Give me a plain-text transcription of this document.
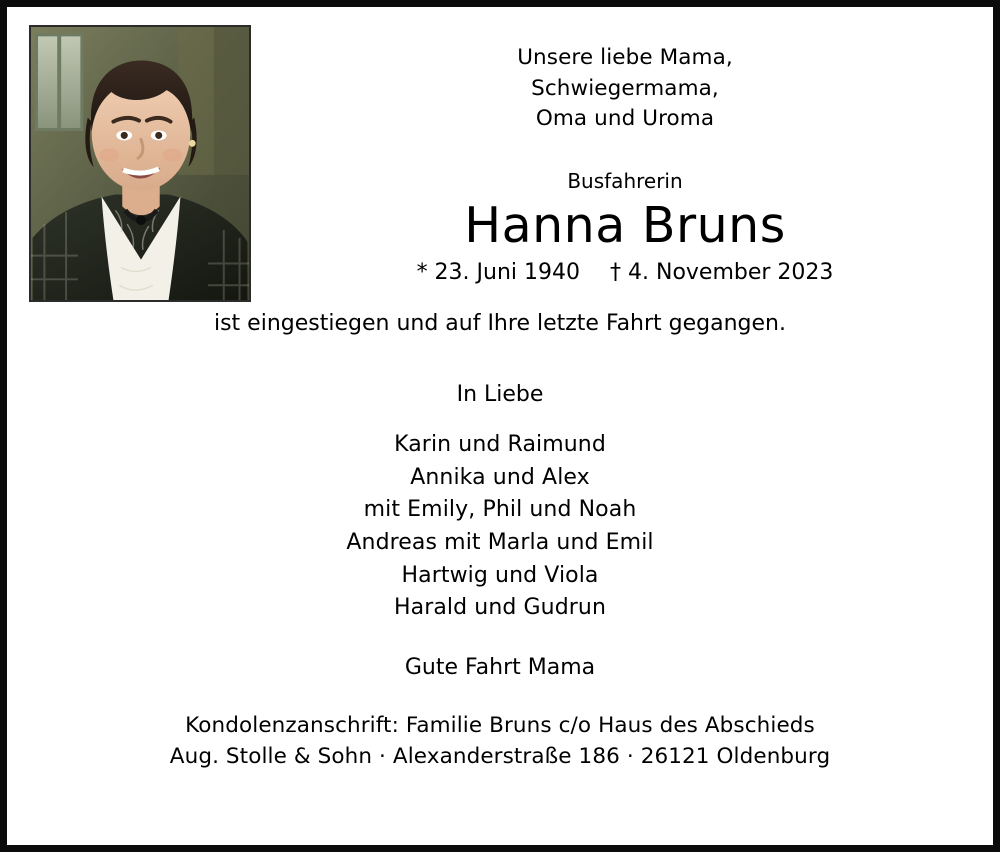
Unsere liebe Mama,
Schwiegermama,
Oma und Uroma
Busfahrerin
Hanna Bruns
* 23. Juni 1940 † 4. November 2023
ist eingestiegen und auf Ihre letzte Fahrt gegangen.
In Liebe
Karin und Raimund
Annika und Alex
mit Emily, Phil und Noah
Andreas mit Marla und Emil
Hartwig und Viola
Harald und Gudrun
Gute Fahrt Mama
Kondolenzanschrift: Familie Bruns c/o Haus des Abschieds
Aug. Stolle & Sohn · Alexanderstraße 186 · 26121 Oldenburg
